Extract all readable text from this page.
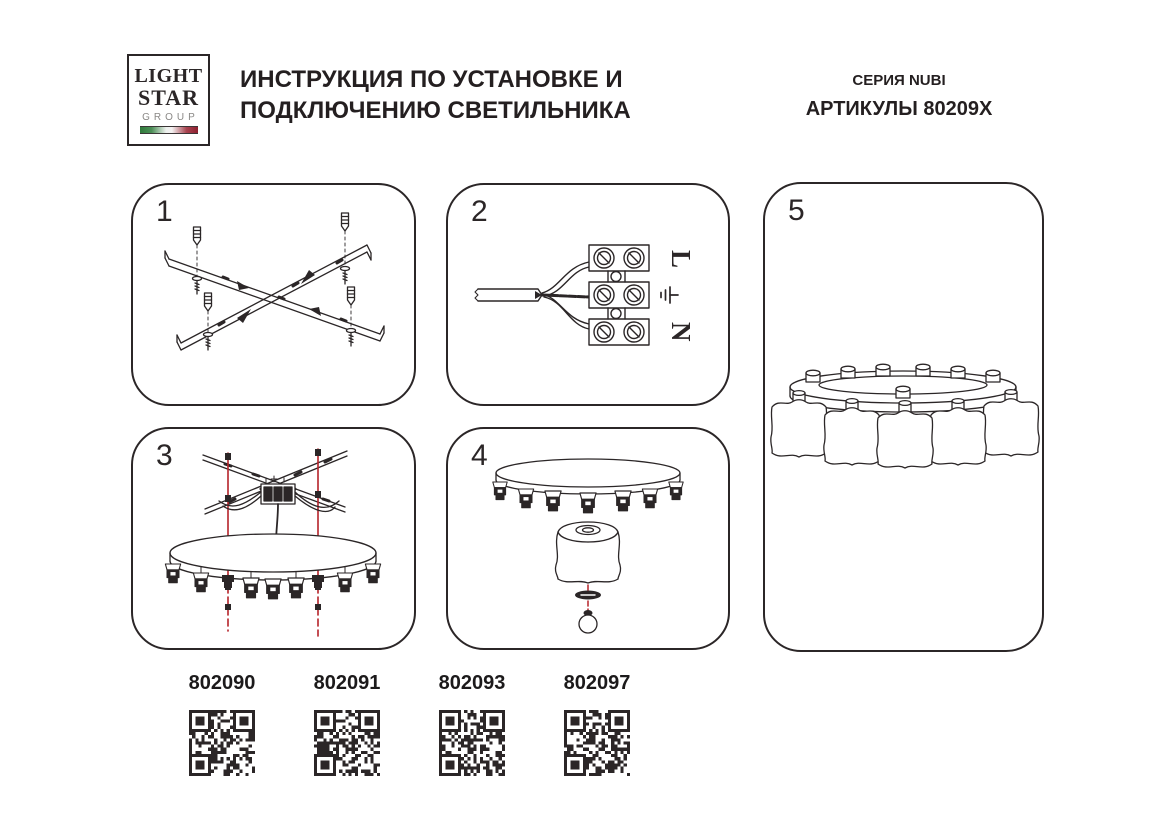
LIGHT
STAR
GROUP
ИНСТРУКЦИЯ ПО УСТАНОВКЕ И
ПОДКЛЮЧЕНИЮ СВЕТИЛЬНИКА
СЕРИЯ NUBI
АРТИКУЛЫ 80209X
1
L
N
2
3	4
5
802090	802091	802093	802097
